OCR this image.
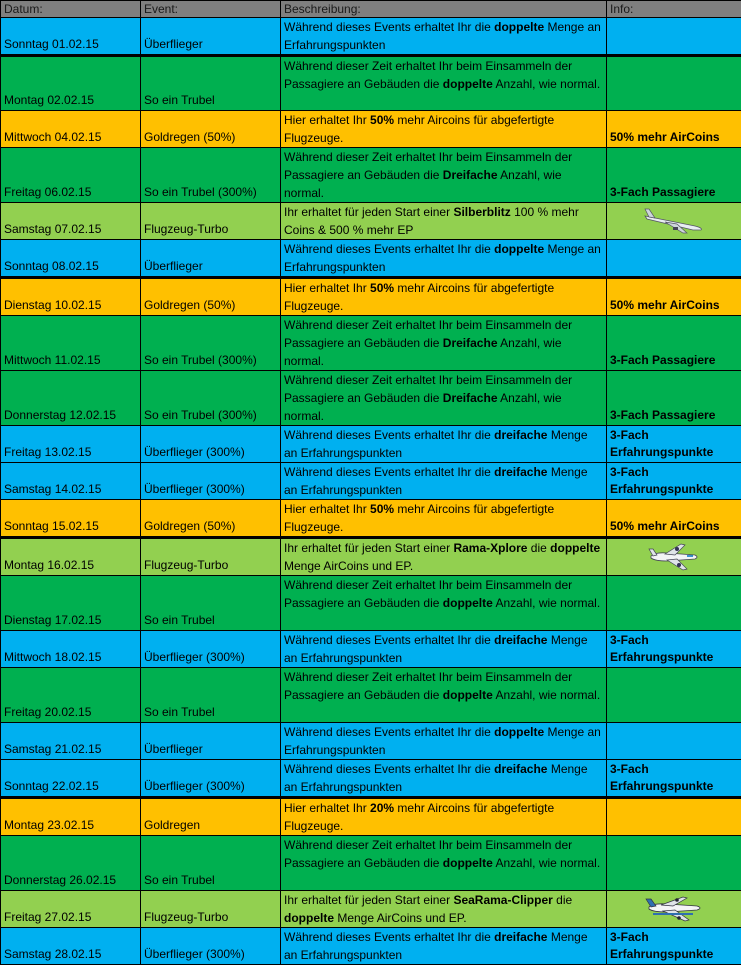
Datum:	Event:	Beschreibung:	Info:
Sonntag 01.02.15	Überflieger	Während dieses Events erhaltet Ihr die doppelte Menge an Erfahrungspunkten	
Montag 02.02.15	So ein Trubel	Während dieser Zeit erhaltet Ihr beim Einsammeln der Passagiere an Gebäuden die doppelte Anzahl, wie normal.	
Mittwoch 04.02.15	Goldregen (50%)	Hier erhaltet Ihr 50% mehr Aircoins für abgefertigte Flugzeuge.	50% mehr AirCoins
Freitag 06.02.15	So ein Trubel (300%)	Während dieser Zeit erhaltet Ihr beim Einsammeln der Passagiere an Gebäuden die Dreifache Anzahl, wie normal.	3-Fach Passagiere
Samstag 07.02.15	Flugzeug-Turbo	Ihr erhaltet für jeden Start einer Silberblitz 100 % mehr Coins & 500 % mehr EP	

Sonntag 08.02.15	Überflieger	Während dieses Events erhaltet Ihr die doppelte Menge an Erfahrungspunkten	
Dienstag 10.02.15	Goldregen (50%)	Hier erhaltet Ihr 50% mehr Aircoins für abgefertigte Flugzeuge.	50% mehr AirCoins
Mittwoch 11.02.15	So ein Trubel (300%)	Während dieser Zeit erhaltet Ihr beim Einsammeln der Passagiere an Gebäuden die Dreifache Anzahl, wie normal.	3-Fach Passagiere
Donnerstag 12.02.15	So ein Trubel (300%)	Während dieser Zeit erhaltet Ihr beim Einsammeln der Passagiere an Gebäuden die Dreifache Anzahl, wie normal.	3-Fach Passagiere
Freitag 13.02.15	Überflieger (300%)	Während dieses Events erhaltet Ihr die dreifache Menge an Erfahrungspunkten	3-Fach Erfahrungspunkte
Samstag 14.02.15	Überflieger (300%)	Während dieses Events erhaltet Ihr die dreifache Menge an Erfahrungspunkten	3-Fach Erfahrungspunkte
Sonntag 15.02.15	Goldregen (50%)	Hier erhaltet Ihr 50% mehr Aircoins für abgefertigte Flugzeuge.	50% mehr AirCoins
Montag 16.02.15	Flugzeug-Turbo	Ihr erhaltet für jeden Start einer Rama-Xplore die doppelte Menge AirCoins und EP.	

Dienstag 17.02.15	So ein Trubel	Während dieser Zeit erhaltet Ihr beim Einsammeln der Passagiere an Gebäuden die doppelte Anzahl, wie normal.	
Mittwoch 18.02.15	Überflieger (300%)	Während dieses Events erhaltet Ihr die dreifache Menge an Erfahrungspunkten	3-Fach Erfahrungspunkte
Freitag 20.02.15	So ein Trubel	Während dieser Zeit erhaltet Ihr beim Einsammeln der Passagiere an Gebäuden die doppelte Anzahl, wie normal.	
Samstag 21.02.15	Überflieger	Während dieses Events erhaltet Ihr die doppelte Menge an Erfahrungspunkten	
Sonntag 22.02.15	Überflieger (300%)	Während dieses Events erhaltet Ihr die dreifache Menge an Erfahrungspunkten	3-Fach Erfahrungspunkte
Montag 23.02.15	Goldregen	Hier erhaltet Ihr 20% mehr Aircoins für abgefertigte Flugzeuge.	
Donnerstag 26.02.15	So ein Trubel	Während dieser Zeit erhaltet Ihr beim Einsammeln der Passagiere an Gebäuden die doppelte Anzahl, wie normal.	
Freitag 27.02.15	Flugzeug-Turbo	Ihr erhaltet für jeden Start einer SeaRama-Clipper die doppelte Menge AirCoins und EP.	

Samstag 28.02.15	Überflieger (300%)	Während dieses Events erhaltet Ihr die dreifache Menge an Erfahrungspunkten	3-Fach Erfahrungspunkte
